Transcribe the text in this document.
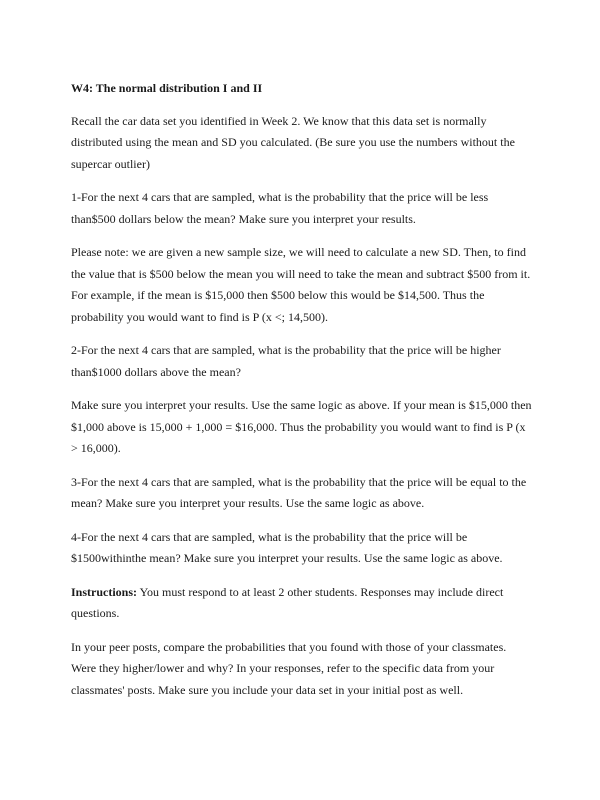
W4: The normal distribution I and II
Recall the car data set you identified in Week 2. We know that this data set is normally distributed using the mean and SD you calculated. (Be sure you use the numbers without the supercar outlier)
1-For the next 4 cars that are sampled, what is the probability that the price will be less than$500 dollars below the mean? Make sure you interpret your results.
Please note: we are given a new sample size, we will need to calculate a new SD. Then, to find the value that is $500 below the mean you will need to take the mean and subtract $500 from it. For example, if the mean is $15,000 then $500 below this would be $14,500. Thus the probability you would want to find is P (x <; 14,500).
2-For the next 4 cars that are sampled, what is the probability that the price will be higher than$1000 dollars above the mean?
Make sure you interpret your results. Use the same logic as above. If your mean is $15,000 then $1,000 above is 15,000 + 1,000 = $16,000. Thus the probability you would want to find is P (x > 16,000).
3-For the next 4 cars that are sampled, what is the probability that the price will be equal to the mean? Make sure you interpret your results. Use the same logic as above.
4-For the next 4 cars that are sampled, what is the probability that the price will be $1500withinthe mean? Make sure you interpret your results. Use the same logic as above.
Instructions: You must respond to at least 2 other students. Responses may include direct questions.
In your peer posts, compare the probabilities that you found with those of your classmates. Were they higher/lower and why? In your responses, refer to the specific data from your classmates' posts. Make sure you include your data set in your initial post as well.
